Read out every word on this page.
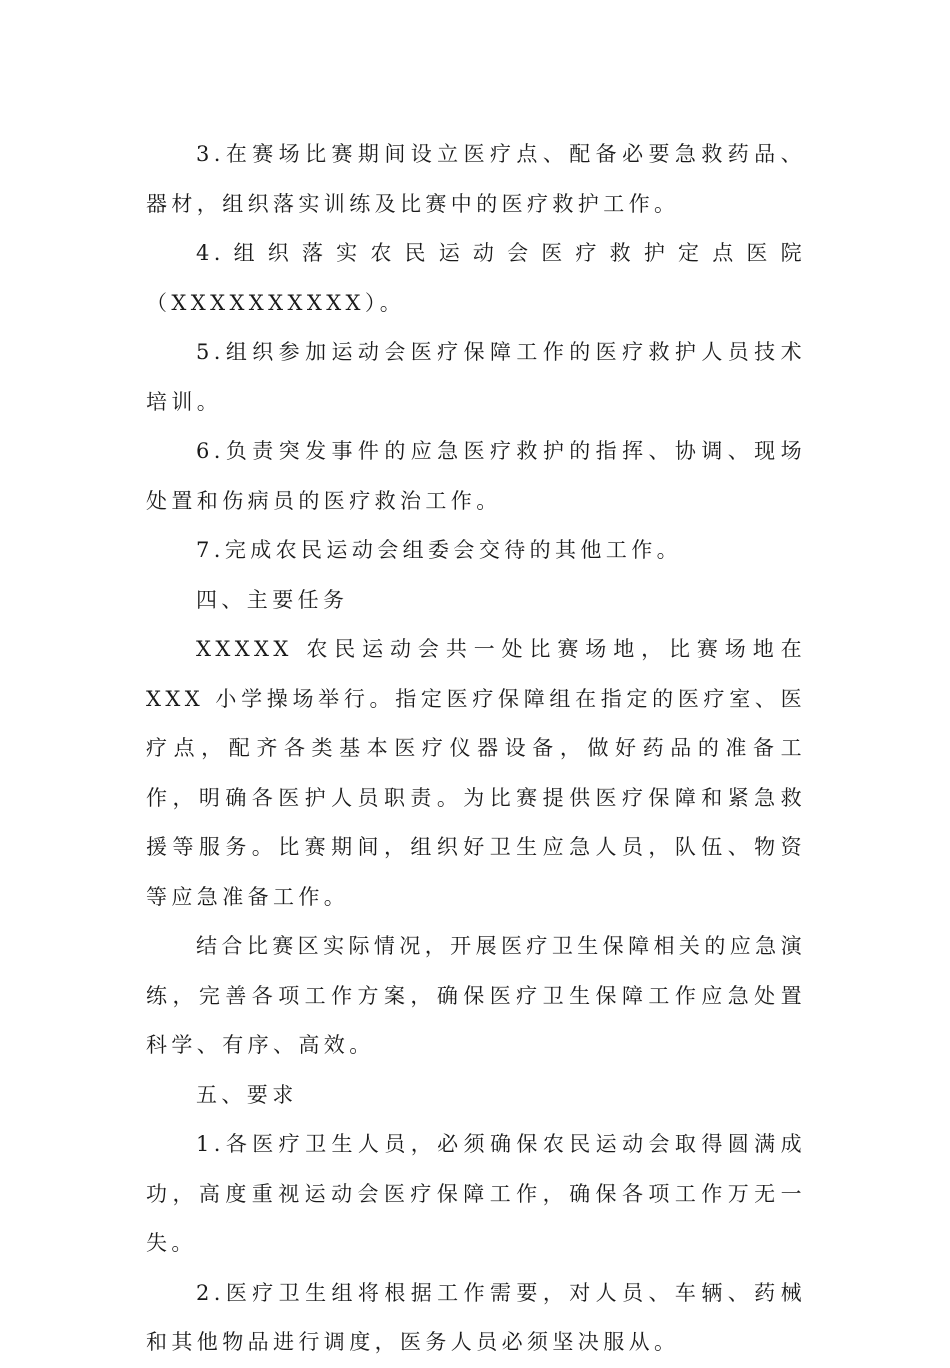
3.在赛场比赛期间设立医疗点、配备必要急救药品、器材，组织落实训练及比赛中的医疗救护工作。

4.组织落实农民运动会医疗救护定点医院（XXXXXXXXXX）。

5.组织参加运动会医疗保障工作的医疗救护人员技术培训。

6.负责突发事件的应急医疗救护的指挥、协调、现场处置和伤病员的医疗救治工作。

7.完成农民运动会组委会交待的其他工作。

四、主要任务

XXXXX 农民运动会共一处比赛场地，比赛场地在 XXX 小学操场举行。指定医疗保障组在指定的医疗室、医疗点，配齐各类基本医疗仪器设备，做好药品的准备工作，明确各医护人员职责。为比赛提供医疗保障和紧急救援等服务。比赛期间，组织好卫生应急人员，队伍、物资等应急准备工作。

结合比赛区实际情况，开展医疗卫生保障相关的应急演练，完善各项工作方案，确保医疗卫生保障工作应急处置科学、有序、高效。

五、要求

1.各医疗卫生人员，必须确保农民运动会取得圆满成功，高度重视运动会医疗保障工作，确保各项工作万无一失。

2.医疗卫生组将根据工作需要，对人员、车辆、药械和其他物品进行调度，医务人员必须坚决服从。
